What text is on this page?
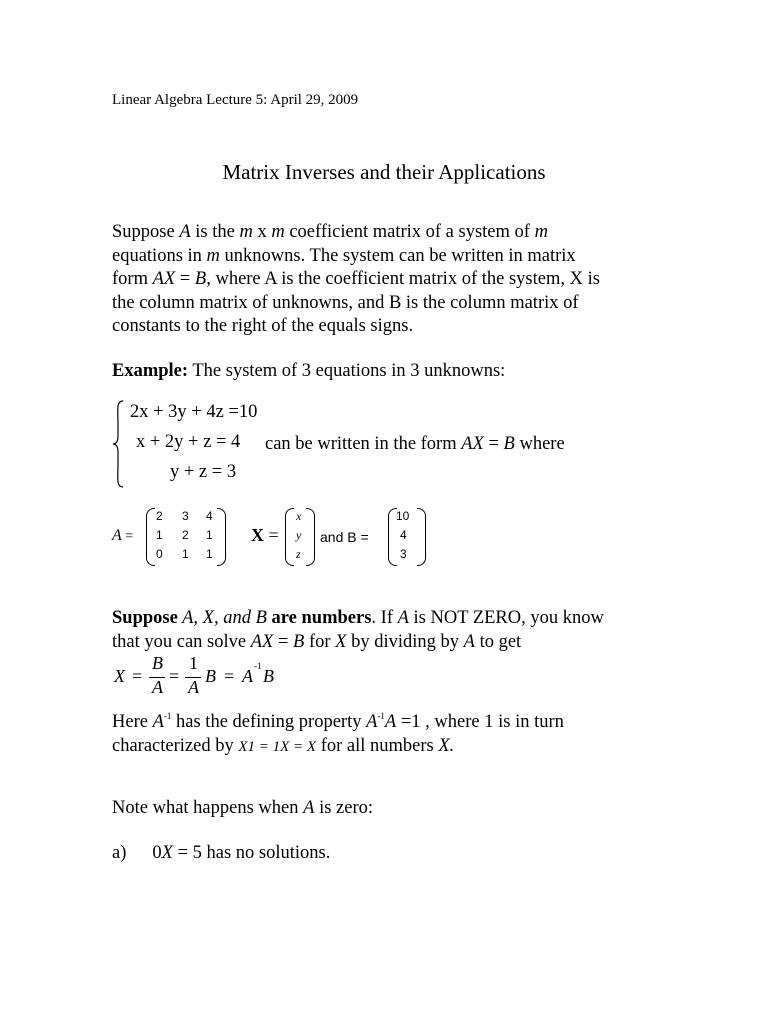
Linear Algebra Lecture 5: April 29, 2009
Matrix Inverses and their Applications
Suppose A is the m x m coefficient matrix of a system of m
equations in m unknowns. The system can be written in matrix
form AX = B, where A is the coefficient matrix of the system, X is
the column matrix of unknowns, and B is the column matrix of
constants to the right of the equals signs.
Example: The system of 3 equations in 3 unknowns:
2x + 3y + 4z =10
x + 2y + z = 4
y + z = 3
can be written in the form AX = B where
A =
2 3 4
1 2 1
0 1 1
X =
x
y
z
and B =
10
4
3
Suppose A, X, and B are numbers. If A is NOT ZERO, you know
that you can solve AX = B for X by dividing by A to get
X =
B
A
=
1
A
B = A -1 B
Here $A^{-1}$ has the defining property $A^{-1}A =1$ , where 1 is in turn
characterized by X1 = 1X = X for all numbers X.
Note what happens when A is zero:
a) 0X = 5 has no solutions.
